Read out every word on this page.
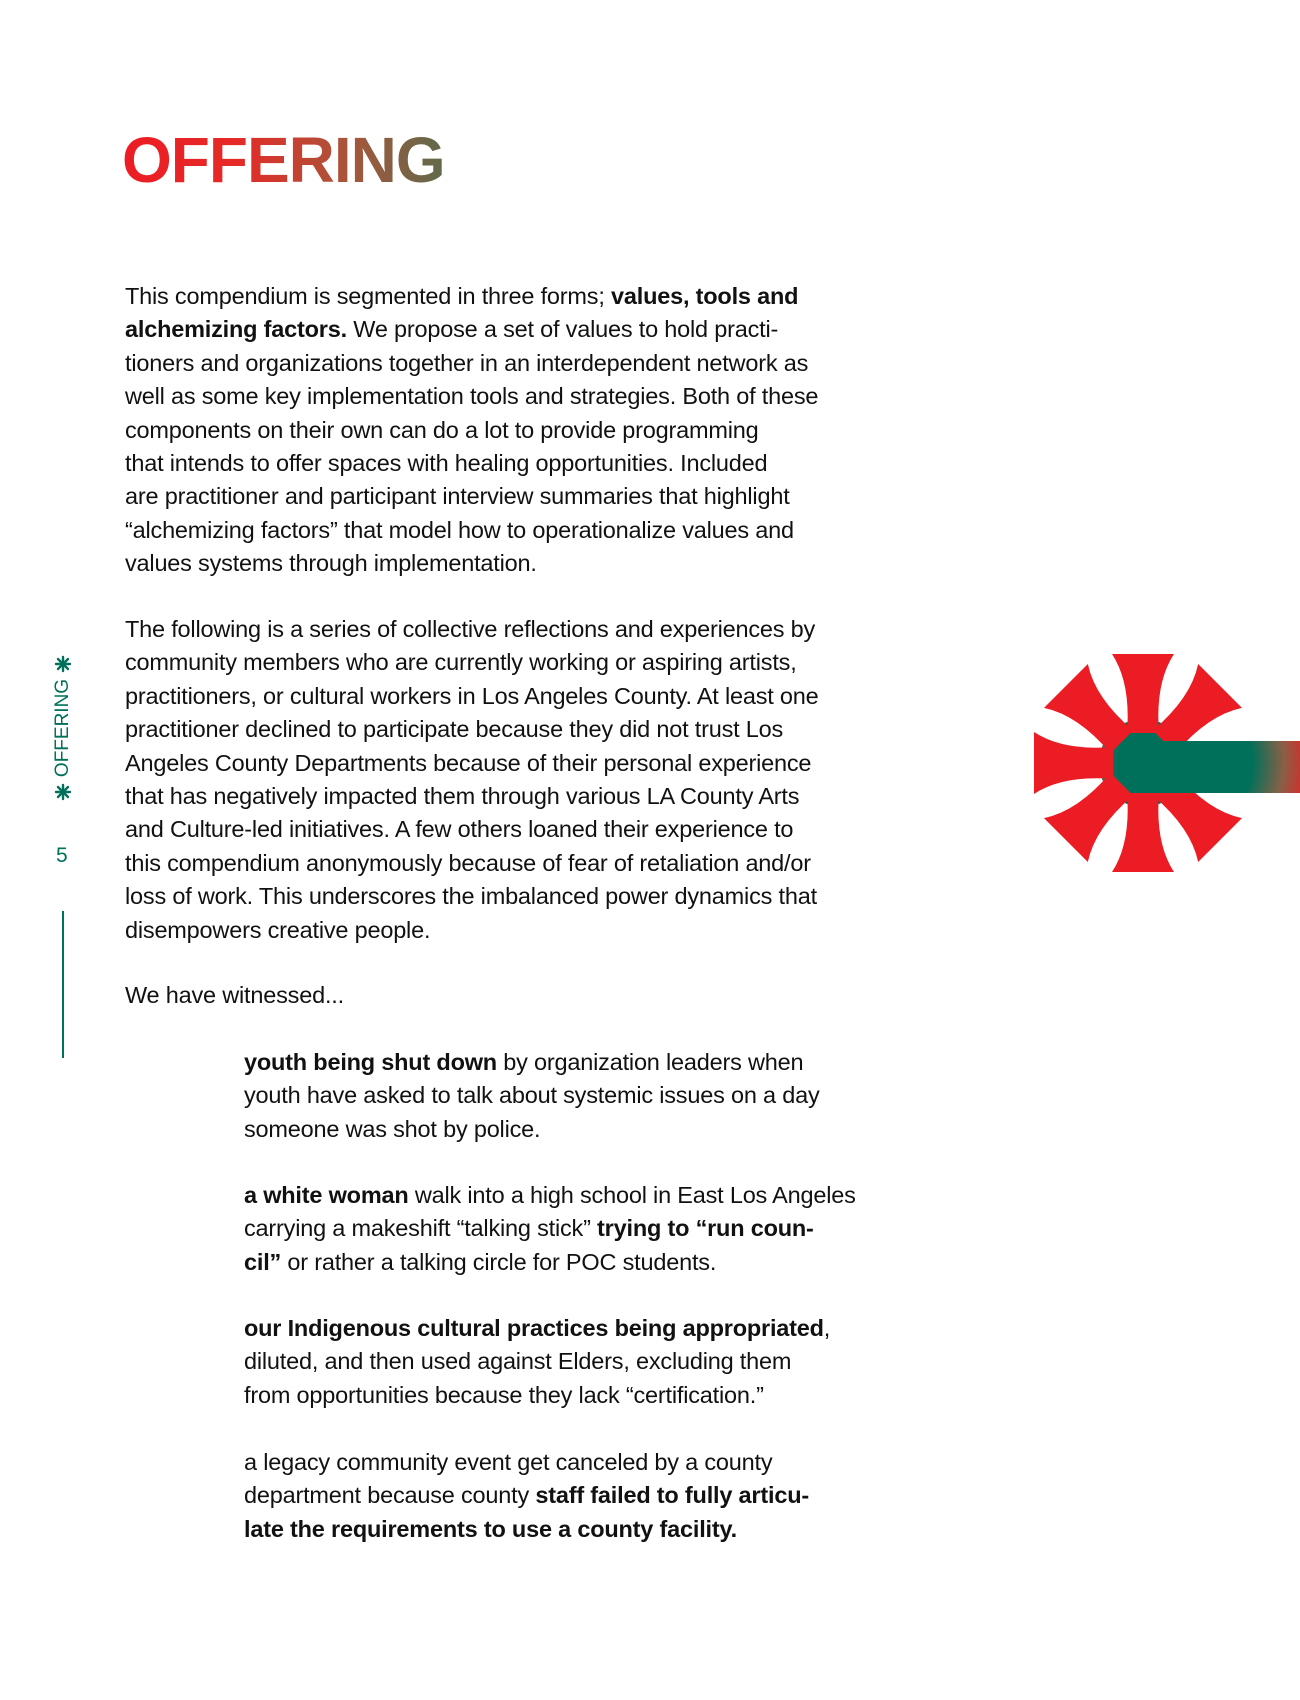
OFFERING
This compendium is segmented in three forms; values, tools and
alchemizing factors. We propose a set of values to hold practi-
tioners and organizations together in an interdependent network as
well as some key implementation tools and strategies. Both of these
components on their own can do a lot to provide programming
that intends to offer spaces with healing opportunities. Included
are practitioner and participant interview summaries that highlight
“alchemizing factors” that model how to operationalize values and
values systems through implementation.
The following is a series of collective reflections and experiences by
community members who are currently working or aspiring artists,
practitioners, or cultural workers in Los Angeles County. At least one
practitioner declined to participate because they did not trust Los
Angeles County Departments because of their personal experience
that has negatively impacted them through various LA County Arts
and Culture-led initiatives. A few others loaned their experience to
this compendium anonymously because of fear of retaliation and/or
loss of work. This underscores the imbalanced power dynamics that
disempowers creative people.
We have witnessed...
youth being shut down by organization leaders when
youth have asked to talk about systemic issues on a day
someone was shot by police.
a white woman walk into a high school in East Los Angeles
carrying a makeshift “talking stick” trying to “run coun-
cil” or rather a talking circle for POC students.
our Indigenous cultural practices being appropriated,
diluted, and then used against Elders, excluding them
from opportunities because they lack “certification.”
a legacy community event get canceled by a county
department because county staff failed to fully articu-
late the requirements to use a county facility.
OFFERING
5
